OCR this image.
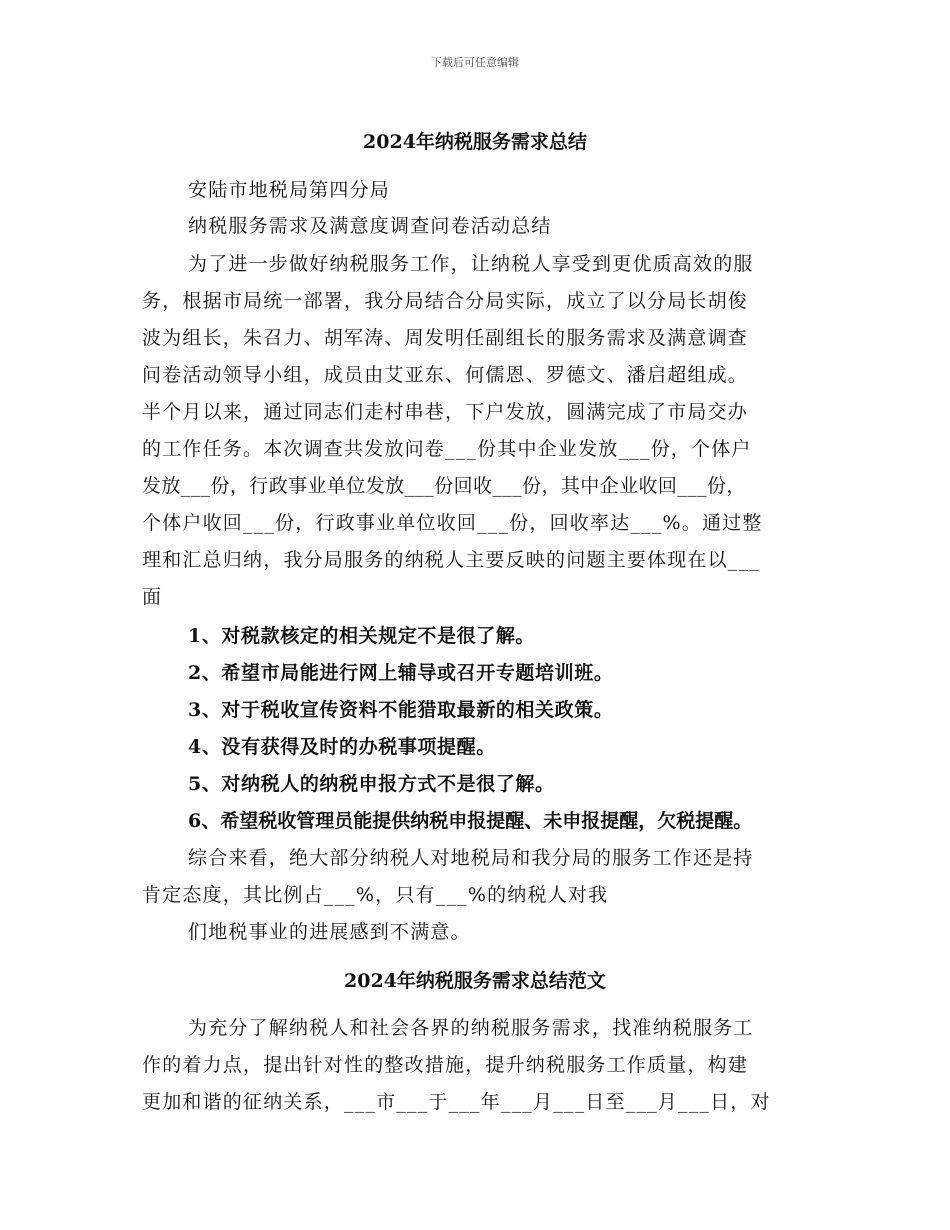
下载后可任意编辑
2024年纳税服务需求总结
安陆市地税局第四分局
纳税服务需求及满意度调查问卷活动总结
为了进一步做好纳税服务工作，让纳税人享受到更优质高效的服
务，根据市局统一部署，我分局结合分局实际，成立了以分局长胡俊
波为组长，朱召力、胡军涛、周发明任副组长的服务需求及满意调查
问卷活动领导小组，成员由艾亚东、何儒恩、罗德文、潘启超组成。
半个月以来，通过同志们走村串巷，下户发放，圆满完成了市局交办
的工作任务。本次调查共发放问卷___份其中企业发放___份，个体户
发放___份，行政事业单位发放___份回收___份，其中企业收回___份，
个体户收回___份，行政事业单位收回___份，回收率达___%。通过整
理和汇总归纳，我分局服务的纳税人主要反映的问题主要体现在以___
面
1、对税款核定的相关规定不是很了解。
2、希望市局能进行网上辅导或召开专题培训班。
3、对于税收宣传资料不能猎取最新的相关政策。
4、没有获得及时的办税事项提醒。
5、对纳税人的纳税申报方式不是很了解。
6、希望税收管理员能提供纳税申报提醒、未申报提醒，欠税提醒。
综合来看，绝大部分纳税人对地税局和我分局的服务工作还是持
肯定态度，其比例占___%，只有___%的纳税人对我
们地税事业的进展感到不满意。
2024年纳税服务需求总结范文
为充分了解纳税人和社会各界的纳税服务需求，找准纳税服务工
作的着力点，提出针对性的整改措施，提升纳税服务工作质量，构建
更加和谐的征纳关系，___市___于___年___月___日至___月___日，对
